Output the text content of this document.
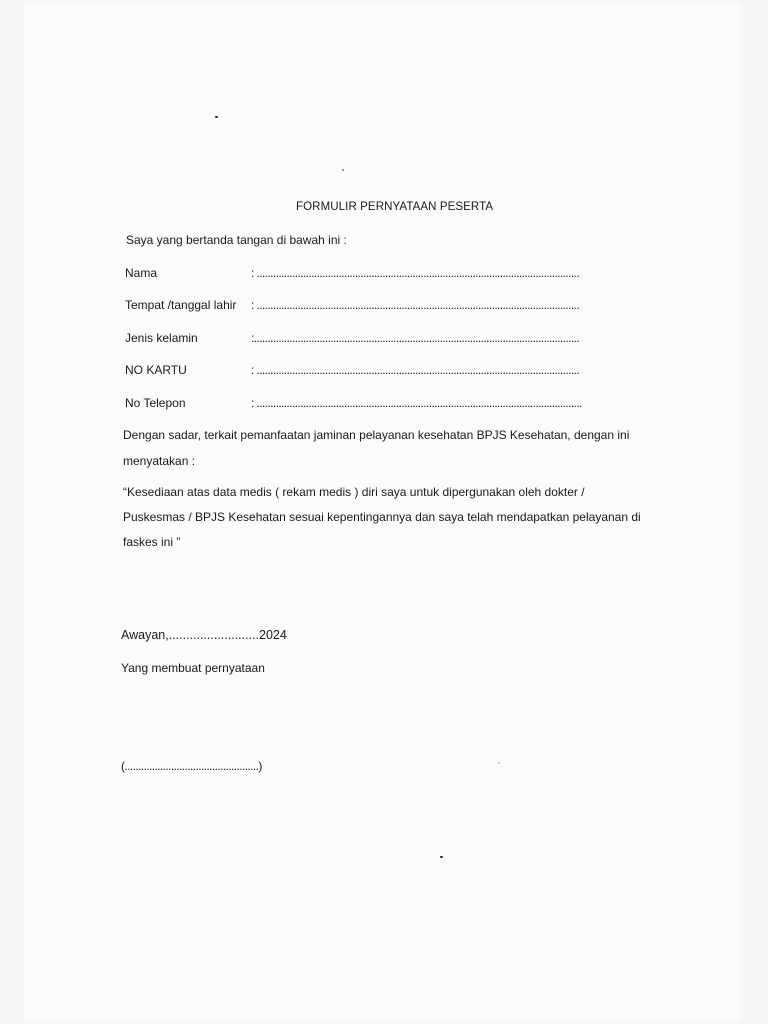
FORMULIR PERNYATAAN PESERTA
Saya yang bertanda tangan di bawah ini :
Nama	: ......................................................................................................................
Tempat /tanggal lahir : ......................................................................................................................
Jenis kelamin	:.......................................................................................................................
NO KARTU	: ......................................................................................................................
No Telepon	: .......................................................................................................................
Dengan sadar, terkait pemanfaatan jaminan pelayanan kesehatan BPJS Kesehatan, dengan ini
menyatakan :
“Kesediaan atas data medis ( rekam medis ) diri saya untuk dipergunakan oleh dokter /
Puskesmas / BPJS Kesehatan sesuai kepentingannya dan saya telah mendapatkan pelayanan di
faskes ini ”
Awayan,..........................2024
Yang membuat pernyataan
(.................................................)
